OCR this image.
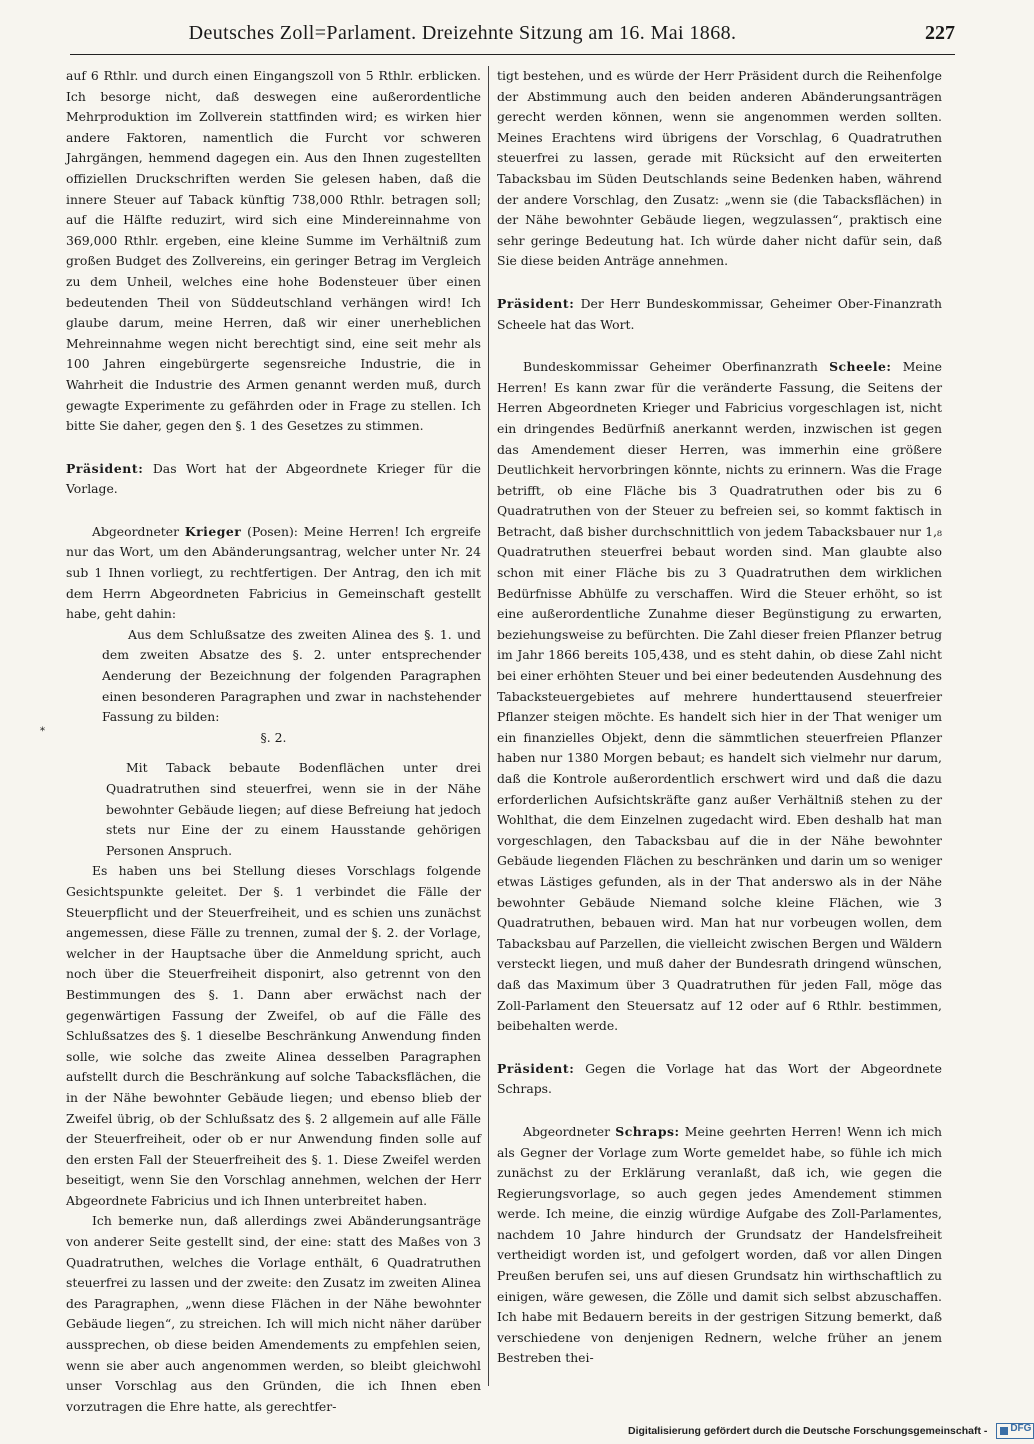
Deutsches Zoll=Parlament. Dreizehnte Sitzung am 16. Mai 1868.	227

auf 6 Rthlr. und durch einen Eingangszoll von 5 Rthlr. erblicken. Ich besorge nicht, daß deswegen eine außerordentliche Mehrproduktion im Zollverein stattfinden wird; es wirken hier andere Faktoren, namentlich die Furcht vor schweren Jahrgängen, hemmend dagegen ein. Aus den Ihnen zugestellten offiziellen Druckschriften werden Sie gelesen haben, daß die innere Steuer auf Taback künftig 738,000 Rthlr. betragen soll; auf die Hälfte reduzirt, wird sich eine Mindereinnahme von 369,000 Rthlr. ergeben, eine kleine Summe im Verhältniß zum großen Budget des Zollvereins, ein geringer Betrag im Vergleich zu dem Unheil, welches eine hohe Bodensteuer über einen bedeutenden Theil von Süddeutschland verhängen wird! Ich glaube darum, meine Herren, daß wir einer unerheblichen Mehreinnahme wegen nicht berechtigt sind, eine seit mehr als 100 Jahren eingebürgerte segensreiche Industrie, die in Wahrheit die Industrie des Armen genannt werden muß, durch gewagte Experimente zu gefährden oder in Frage zu stellen. Ich bitte Sie daher, gegen den §. 1 des Gesetzes zu stimmen.

Präsident: Das Wort hat der Abgeordnete Krieger für die Vorlage.

Abgeordneter Krieger (Posen): Meine Herren! Ich ergreife nur das Wort, um den Abänderungsantrag, welcher unter Nr. 24 sub 1 Ihnen vorliegt, zu rechtfertigen. Der Antrag, den ich mit dem Herrn Abgeordneten Fabricius in Gemeinschaft gestellt habe, geht dahin:

Aus dem Schlußsatze des zweiten Alinea des §. 1. und dem zweiten Absatze des §. 2. unter entsprechender Aenderung der Bezeichnung der folgenden Paragraphen einen besonderen Paragraphen und zwar in nachstehender Fassung zu bilden:

§. 2.

Mit Taback bebaute Bodenflächen unter drei Quadratruthen sind steuerfrei, wenn sie in der Nähe bewohnter Gebäude liegen; auf diese Befreiung hat jedoch stets nur Eine der zu einem Hausstande gehörigen Personen Anspruch.

Es haben uns bei Stellung dieses Vorschlags folgende Gesichtspunkte geleitet. Der §. 1 verbindet die Fälle der Steuerpflicht und der Steuerfreiheit, und es schien uns zunächst angemessen, diese Fälle zu trennen, zumal der §. 2. der Vorlage, welcher in der Hauptsache über die Anmeldung spricht, auch noch über die Steuerfreiheit disponirt, also getrennt von den Bestimmungen des §. 1. Dann aber erwächst nach der gegenwärtigen Fassung der Zweifel, ob auf die Fälle des Schlußsatzes des §. 1 dieselbe Beschränkung Anwendung finden solle, wie solche das zweite Alinea desselben Paragraphen aufstellt durch die Beschränkung auf solche Tabacksflächen, die in der Nähe bewohnter Gebäude liegen; und ebenso blieb der Zweifel übrig, ob der Schlußsatz des §. 2 allgemein auf alle Fälle der Steuerfreiheit, oder ob er nur Anwendung finden solle auf den ersten Fall der Steuerfreiheit des §. 1. Diese Zweifel werden beseitigt, wenn Sie den Vorschlag annehmen, welchen der Herr Abgeordnete Fabricius und ich Ihnen unterbreitet haben.

Ich bemerke nun, daß allerdings zwei Abänderungsanträge von anderer Seite gestellt sind, der eine: statt des Maßes von 3 Quadratruthen, welches die Vorlage enthält, 6 Quadratruthen steuerfrei zu lassen und der zweite: den Zusatz im zweiten Alinea des Paragraphen, „wenn diese Flächen in der Nähe bewohnter Gebäude liegen“, zu streichen. Ich will mich nicht näher darüber aussprechen, ob diese beiden Amendements zu empfehlen seien, wenn sie aber auch angenommen werden, so bleibt gleichwohl unser Vorschlag aus den Gründen, die ich Ihnen eben vorzutragen die Ehre hatte, als gerechtfer-

tigt bestehen, und es würde der Herr Präsident durch die Reihenfolge der Abstimmung auch den beiden anderen Abänderungsanträgen gerecht werden können, wenn sie angenommen werden sollten. Meines Erachtens wird übrigens der Vorschlag, 6 Quadratruthen steuerfrei zu lassen, gerade mit Rücksicht auf den erweiterten Tabacksbau im Süden Deutschlands seine Bedenken haben, während der andere Vorschlag, den Zusatz: „wenn sie (die Tabacksflächen) in der Nähe bewohnter Gebäude liegen, wegzulassen“, praktisch eine sehr geringe Bedeutung hat. Ich würde daher nicht dafür sein, daß Sie diese beiden Anträge annehmen.

Präsident: Der Herr Bundeskommissar, Geheimer Ober-Finanzrath Scheele hat das Wort.

Bundeskommissar Geheimer Oberfinanzrath Scheele: Meine Herren! Es kann zwar für die veränderte Fassung, die Seitens der Herren Abgeordneten Krieger und Fabricius vorgeschlagen ist, nicht ein dringendes Bedürfniß anerkannt werden, inzwischen ist gegen das Amendement dieser Herren, was immerhin eine größere Deutlichkeit hervorbringen könnte, nichts zu erinnern. Was die Frage betrifft, ob eine Fläche bis 3 Quadratruthen oder bis zu 6 Quadratruthen von der Steuer zu befreien sei, so kommt faktisch in Betracht, daß bisher durchschnittlich von jedem Tabacksbauer nur 1,₈ Quadratruthen steuerfrei bebaut worden sind. Man glaubte also schon mit einer Fläche bis zu 3 Quadratruthen dem wirklichen Bedürfnisse Abhülfe zu verschaffen. Wird die Steuer erhöht, so ist eine außerordentliche Zunahme dieser Begünstigung zu erwarten, beziehungsweise zu befürchten. Die Zahl dieser freien Pflanzer betrug im Jahr 1866 bereits 105,438, und es steht dahin, ob diese Zahl nicht bei einer erhöhten Steuer und bei einer bedeutenden Ausdehnung des Tabacksteuergebietes auf mehrere hunderttausend steuerfreier Pflanzer steigen möchte. Es handelt sich hier in der That weniger um ein finanzielles Objekt, denn die sämmtlichen steuerfreien Pflanzer haben nur 1380 Morgen bebaut; es handelt sich vielmehr nur darum, daß die Kontrole außerordentlich erschwert wird und daß die dazu erforderlichen Aufsichtskräfte ganz außer Verhältniß stehen zu der Wohlthat, die dem Einzelnen zugedacht wird. Eben deshalb hat man vorgeschlagen, den Tabacksbau auf die in der Nähe bewohnter Gebäude liegenden Flächen zu beschränken und darin um so weniger etwas Lästiges gefunden, als in der That anderswo als in der Nähe bewohnter Gebäude Niemand solche kleine Flächen, wie 3 Quadratruthen, bebauen wird. Man hat nur vorbeugen wollen, dem Tabacksbau auf Parzellen, die vielleicht zwischen Bergen und Wäldern versteckt liegen, und muß daher der Bundesrath dringend wünschen, daß das Maximum über 3 Quadratruthen für jeden Fall, möge das Zoll-Parlament den Steuersatz auf 12 oder auf 6 Rthlr. bestimmen, beibehalten werde.

Präsident: Gegen die Vorlage hat das Wort der Abgeordnete Schraps.

Abgeordneter Schraps: Meine geehrten Herren! Wenn ich mich als Gegner der Vorlage zum Worte gemeldet habe, so fühle ich mich zunächst zu der Erklärung veranlaßt, daß ich, wie gegen die Regierungsvorlage, so auch gegen jedes Amendement stimmen werde. Ich meine, die einzig würdige Aufgabe des Zoll-Parlamentes, nachdem 10 Jahre hindurch der Grundsatz der Handelsfreiheit vertheidigt worden ist, und gefolgert worden, daß vor allen Dingen Preußen berufen sei, uns auf diesen Grundsatz hin wirthschaftlich zu einigen, wäre gewesen, die Zölle und damit sich selbst abzuschaffen. Ich habe mit Bedauern bereits in der gestrigen Sitzung bemerkt, daß verschiedene von denjenigen Rednern, welche früher an jenem Bestreben thei-

*
Digitalisierung gefördert durch die Deutsche Forschungsgemeinschaft - DFG
